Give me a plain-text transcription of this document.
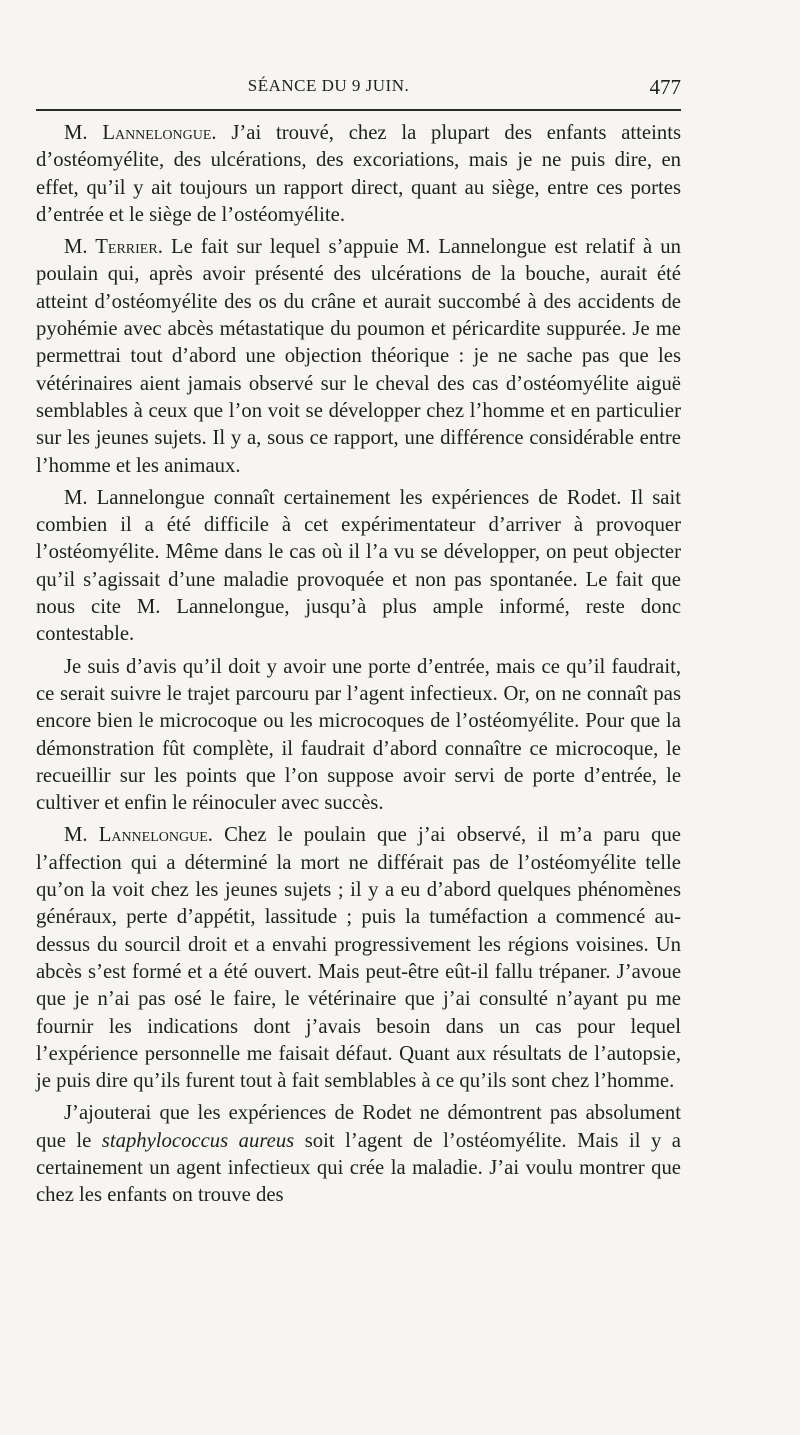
SÉANCE DU 9 JUIN.	477

M. Lannelongue. J’ai trouvé, chez la plupart des enfants atteints d’ostéomyélite, des ulcérations, des excoriations, mais je ne puis dire, en effet, qu’il y ait toujours un rapport direct, quant au siège, entre ces portes d’entrée et le siège de l’ostéomyélite.

M. Terrier. Le fait sur lequel s’appuie M. Lannelongue est relatif à un poulain qui, après avoir présenté des ulcérations de la bouche, aurait été atteint d’ostéomyélite des os du crâne et aurait succombé à des accidents de pyohémie avec abcès métastatique du poumon et péricardite suppurée. Je me permettrai tout d’abord une objection théorique : je ne sache pas que les vétérinaires aient jamais observé sur le cheval des cas d’ostéomyélite aiguë semblables à ceux que l’on voit se développer chez l’homme et en particulier sur les jeunes sujets. Il y a, sous ce rapport, une différence considérable entre l’homme et les animaux.

M. Lannelongue connaît certainement les expériences de Rodet. Il sait combien il a été difficile à cet expérimentateur d’arriver à provoquer l’ostéomyélite. Même dans le cas où il l’a vu se développer, on peut objecter qu’il s’agissait d’une maladie provoquée et non pas spontanée. Le fait que nous cite M. Lannelongue, jusqu’à plus ample informé, reste donc contestable.

Je suis d’avis qu’il doit y avoir une porte d’entrée, mais ce qu’il faudrait, ce serait suivre le trajet parcouru par l’agent infectieux. Or, on ne connaît pas encore bien le microcoque ou les microcoques de l’ostéomyélite. Pour que la démonstration fût complète, il faudrait d’abord connaître ce microcoque, le recueillir sur les points que l’on suppose avoir servi de porte d’entrée, le cultiver et enfin le réinoculer avec succès.

M. Lannelongue. Chez le poulain que j’ai observé, il m’a paru que l’affection qui a déterminé la mort ne différait pas de l’ostéomyélite telle qu’on la voit chez les jeunes sujets ; il y a eu d’abord quelques phénomènes généraux, perte d’appétit, lassitude ; puis la tuméfaction a commencé au-dessus du sourcil droit et a envahi progressivement les régions voisines. Un abcès s’est formé et a été ouvert. Mais peut-être eût-il fallu trépaner. J’avoue que je n’ai pas osé le faire, le vétérinaire que j’ai consulté n’ayant pu me fournir les indications dont j’avais besoin dans un cas pour lequel l’expérience personnelle me faisait défaut. Quant aux résultats de l’autopsie, je puis dire qu’ils furent tout à fait semblables à ce qu’ils sont chez l’homme.

J’ajouterai que les expériences de Rodet ne démontrent pas absolument que le staphylococcus aureus soit l’agent de l’ostéomyélite. Mais il y a certainement un agent infectieux qui crée la maladie. J’ai voulu montrer que chez les enfants on trouve des
